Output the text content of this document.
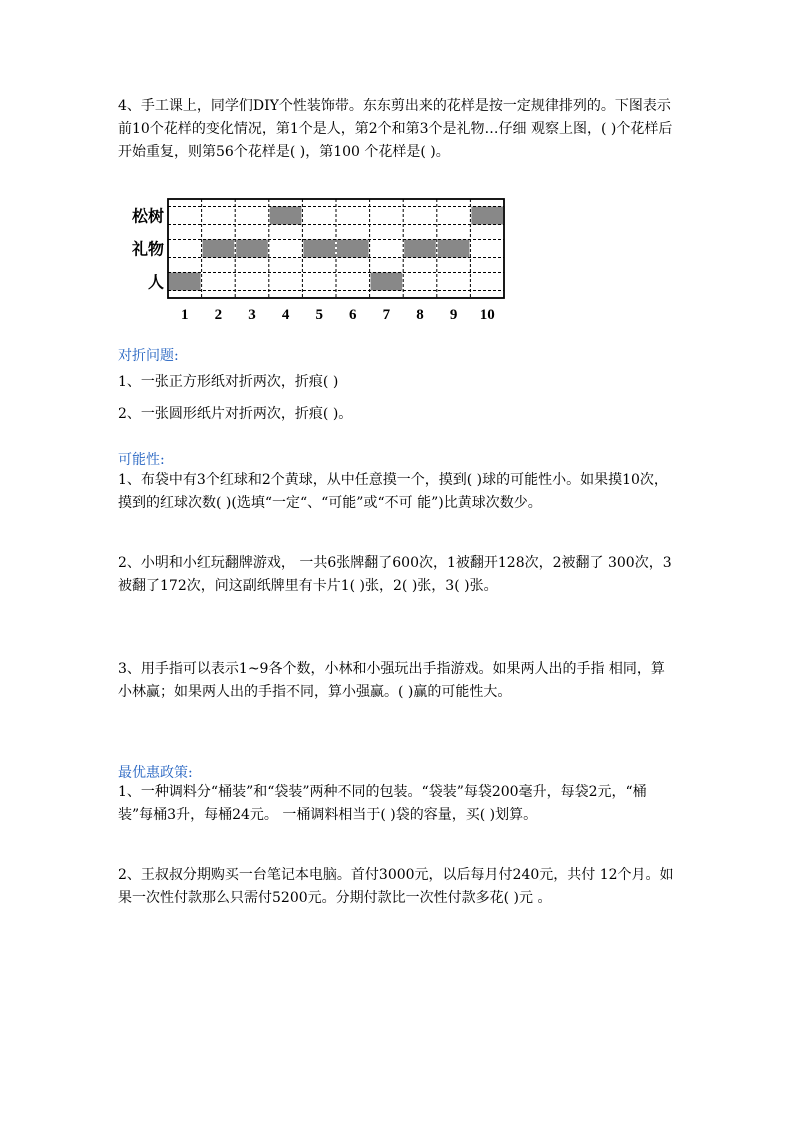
4、手工课上，同学们DIY个性装饰带。东东剪出来的花样是按一定规律排列的。下图表示前10个花样的变化情况，第1个是人，第2个和第3个是礼物…仔细 观察上图，( )个花样后开始重复，则第56个花样是( )，第100 个花样是( )。

松树
礼物
人
1 2 3 4 5 6 7 8 9 10

对折问题:

1、一张正方形纸对折两次，折痕( )

2、一张圆形纸片对折两次，折痕( )。

可能性:

1、布袋中有3个红球和2个黄球，从中任意摸一个，摸到( )球的可能性小。如果摸10次，摸到的红球次数( )(选填“一定“、“可能”或“不可 能”)比黄球次数少。

2、小明和小红玩翻牌游戏， 一共6张牌翻了600次，1被翻开128次，2被翻了 300次，3被翻了172次，问这副纸牌里有卡片1( )张，2( )张，3( )张。

3、用手指可以表示1~9各个数，小林和小强玩出手指游戏。如果两人出的手指 相同，算小林赢；如果两人出的手指不同，算小强赢。( )赢的可能性大。

最优惠政策:

1、一种调料分“桶装”和“袋装”两种不同的包装。“袋装”每袋200毫升，每袋2元，“桶装”每桶3升，每桶24元。 一桶调料相当于( )袋的容量，买( )划算。

2、王叔叔分期购买一台笔记本电脑。首付3000元，以后每月付240元，共付 12个月。如果一次性付款那么只需付5200元。分期付款比一次性付款多花( )元 。
